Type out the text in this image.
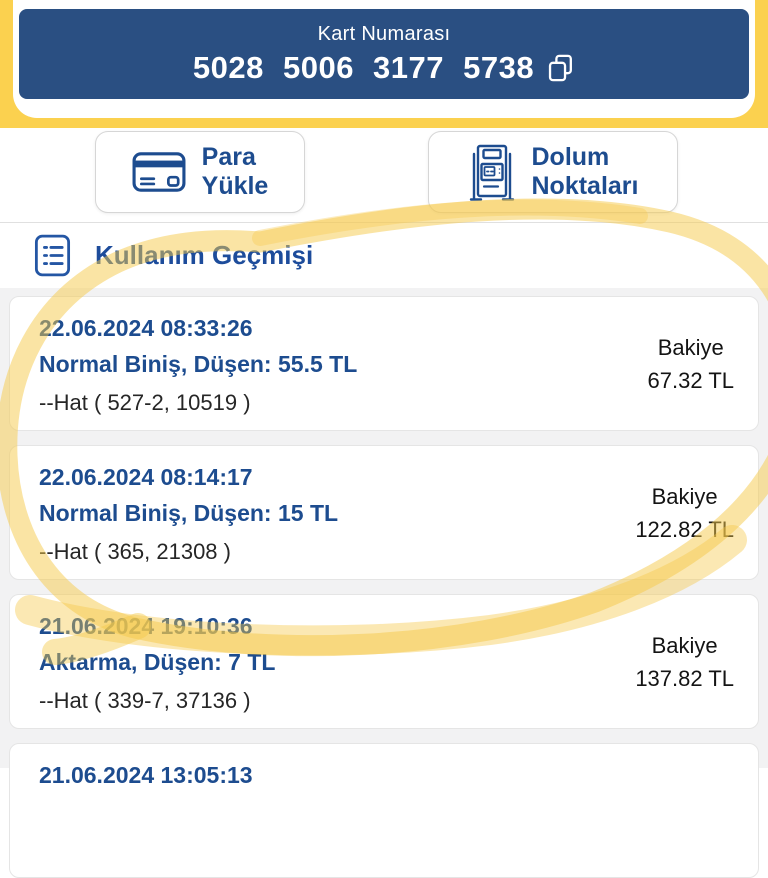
Kart Numarası
5028 5006 3177 5738
Para
Yükle
Dolum
Noktaları
Kullanım Geçmişi
22.06.2024 08:33:26
Normal Biniş, Düşen: 55.5 TL
--Hat ( 527-2, 10519 )
Bakiye
67.32 TL
22.06.2024 08:14:17
Normal Biniş, Düşen: 15 TL
--Hat ( 365, 21308 )
Bakiye
122.82 TL
21.06.2024 19:10:36
Aktarma, Düşen: 7 TL
--Hat ( 339-7, 37136 )
Bakiye
137.82 TL
21.06.2024 13:05:13
